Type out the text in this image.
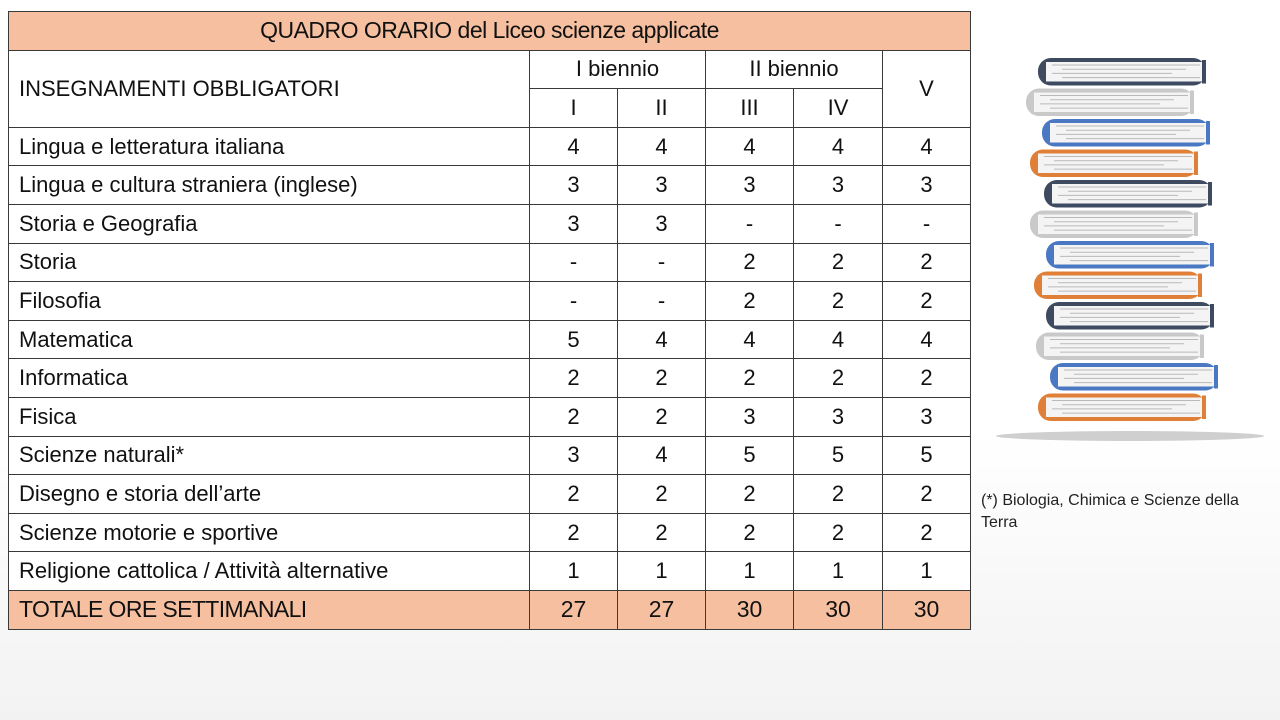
QUADRO ORARIO del Liceo scienze applicate					
INSEGNAMENTI OBBLIGATORI	I biennio		II biennio		V
	I	II	III	IV	
Lingua e letteratura italiana	4	4	4	4	4
Lingua e cultura straniera (inglese)	3	3	3	3	3
Storia e Geografia	3	3	-	-	-
Storia	-	-	2	2	2
Filosofia	-	-	2	2	2
Matematica	5	4	4	4	4
Informatica	2	2	2	2	2
Fisica	2	2	3	3	3
Scienze naturali*	3	4	5	5	5
Disegno e storia dell’arte	2	2	2	2	2
Scienze motorie e sportive	2	2	2	2	2
Religione cattolica / Attività alternative	1	1	1	1	1
TOTALE ORE SETTIMANALI	27	27	30	30	30
(*) Biologia, Chimica e Scienze della Terra
